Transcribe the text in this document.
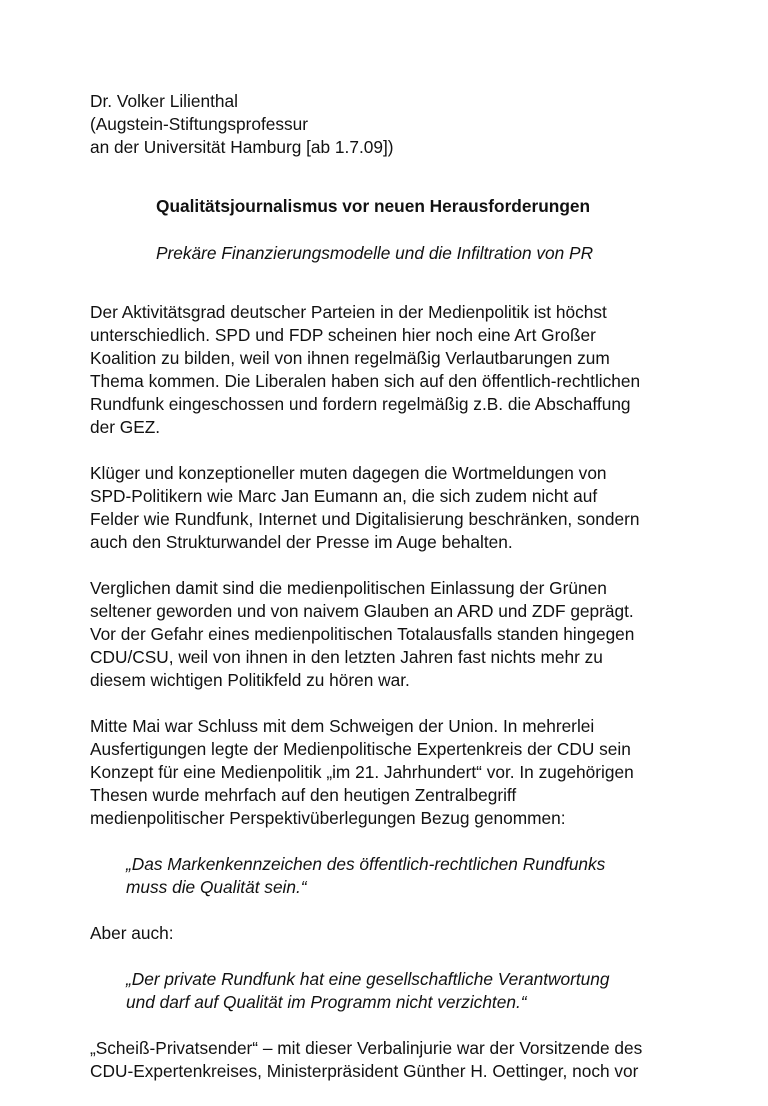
Dr. Volker Lilienthal
(Augstein-Stiftungsprofessur
an der Universität Hamburg [ab 1.7.09])
Qualitätsjournalismus vor neuen Herausforderungen
Prekäre Finanzierungsmodelle und die Infiltration von PR
Der Aktivitätsgrad deutscher Parteien in der Medienpolitik ist höchst
unterschiedlich. SPD und FDP scheinen hier noch eine Art Großer
Koalition zu bilden, weil von ihnen regelmäßig Verlautbarungen zum
Thema kommen. Die Liberalen haben sich auf den öffentlich-rechtlichen
Rundfunk eingeschossen und fordern regelmäßig z.B. die Abschaffung
der GEZ.
Klüger und konzeptioneller muten dagegen die Wortmeldungen von
SPD-Politikern wie Marc Jan Eumann an, die sich zudem nicht auf
Felder wie Rundfunk, Internet und Digitalisierung beschränken, sondern
auch den Strukturwandel der Presse im Auge behalten.
Verglichen damit sind die medienpolitischen Einlassung der Grünen
seltener geworden und von naivem Glauben an ARD und ZDF geprägt.
Vor der Gefahr eines medienpolitischen Totalausfalls standen hingegen
CDU/CSU, weil von ihnen in den letzten Jahren fast nichts mehr zu
diesem wichtigen Politikfeld zu hören war.
Mitte Mai war Schluss mit dem Schweigen der Union. In mehrerlei
Ausfertigungen legte der Medienpolitische Expertenkreis der CDU sein
Konzept für eine Medienpolitik „im 21. Jahrhundert“ vor. In zugehörigen
Thesen wurde mehrfach auf den heutigen Zentralbegriff
medienpolitischer Perspektivüberlegungen Bezug genommen:
„Das Markenkennzeichen des öffentlich-rechtlichen Rundfunks
muss die Qualität sein.“
Aber auch:
„Der private Rundfunk hat eine gesellschaftliche Verantwortung
und darf auf Qualität im Programm nicht verzichten.“
„Scheiß-Privatsender“ – mit dieser Verbalinjurie war der Vorsitzende des
CDU-Expertenkreises, Ministerpräsident Günther H. Oettinger, noch vor
